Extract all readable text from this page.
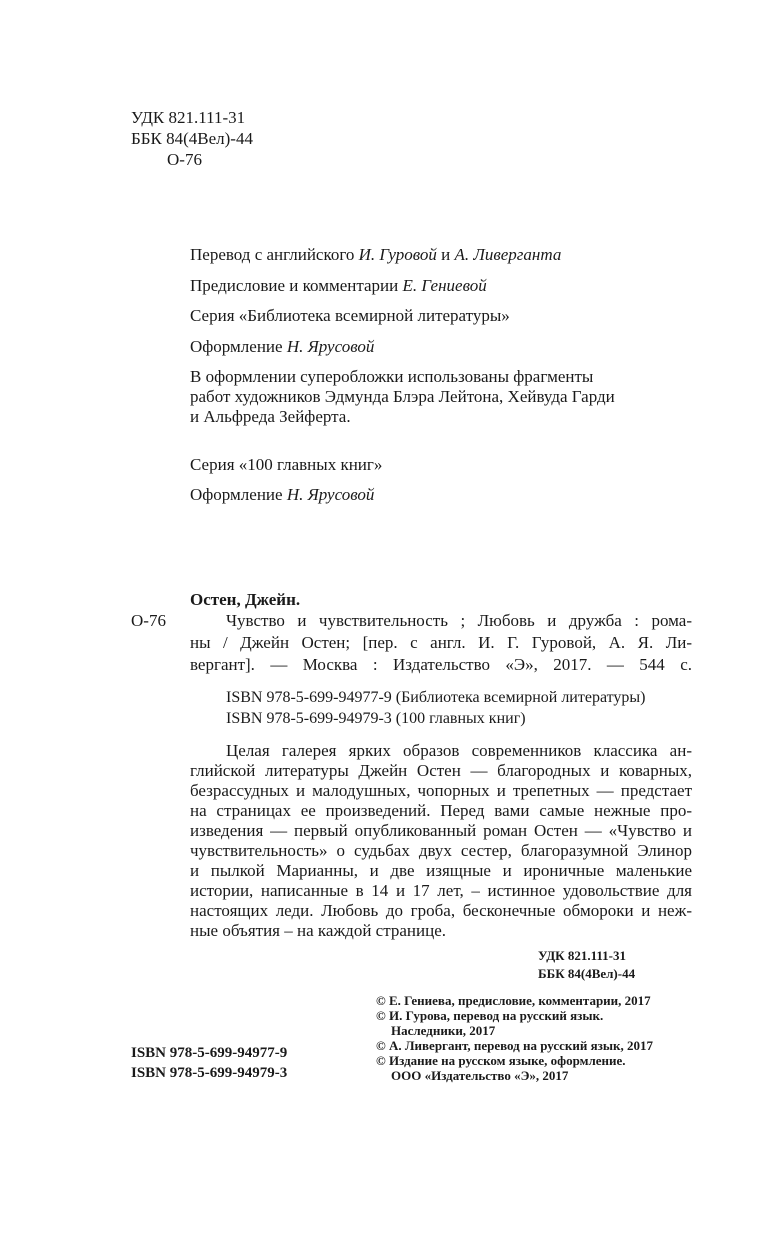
УДК 821.111-31
ББК 84(4Вел)-44
О-76
Перевод с английского И. Гуровой и А. Ливерганта
Предисловие и комментарии Е. Гениевой
Серия «Библиотека всемирной литературы»
Оформление Н. Ярусовой
В оформлении суперобложки использованы фрагменты
работ художников Эдмунда Блэра Лейтона, Хейвуда Гарди
и Альфреда Зейферта.
Серия «100 главных книг»
Оформление Н. Ярусовой
Остен, Джейн.
О-76	Чувство и чувствительность ; Любовь и дружба : рома-
ны / Джейн Остен; [пер. с англ. И. Г. Гуровой, А. Я. Ли-
вергант]. — Москва : Издательство «Э», 2017. — 544 с.
ISBN 978-5-699-94977-9 (Библиотека всемирной литературы)
ISBN 978-5-699-94979-3 (100 главных книг)
Целая галерея ярких образов современников классика ан-
глийской литературы Джейн Остен — благородных и коварных,
безрассудных и малодушных, чопорных и трепетных — предстает
на страницах ее произведений. Перед вами самые нежные про-
изведения — первый опубликованный роман Остен — «Чувство и
чувствительность» о судьбах двух сестер, благоразумной Элинор
и пылкой Марианны, и две изящные и ироничные маленькие
истории, написанные в 14 и 17 лет, – истинное удовольствие для
настоящих леди. Любовь до гроба, бесконечные обмороки и неж-
ные объятия – на каждой странице.
УДК 821.111-31
ББК 84(4Вел)-44
© Е. Гениева, предисловие, комментарии, 2017
© И. Гурова, перевод на русский язык.
Наследники, 2017
© А. Ливергант, перевод на русский язык, 2017
© Издание на русском языке, оформление.
ООО «Издательство «Э», 2017
ISBN 978-5-699-94977-9
ISBN 978-5-699-94979-3
